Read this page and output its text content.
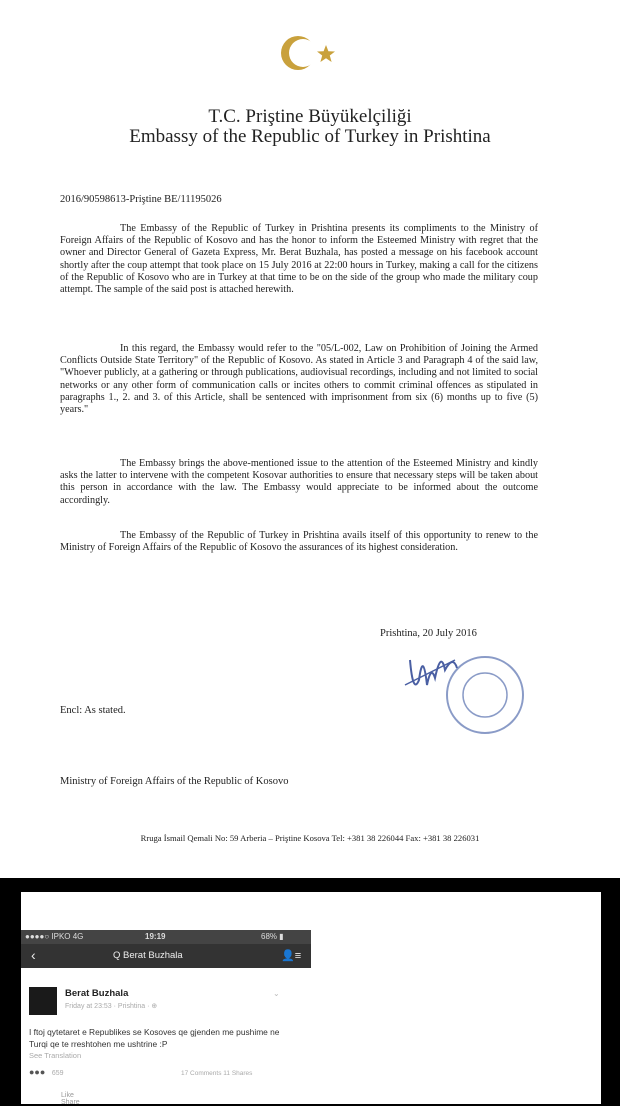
T.C. Priştine Büyükelçiliği
Embassy of the Republic of Turkey in Prishtina
2016/90598613-Priştine BE/11195026

The Embassy of the Republic of Turkey in Prishtina presents its compliments to the Ministry of Foreign Affairs of the Republic of Kosovo and has the honor to inform the Esteemed Ministry with regret that the owner and Director General of Gazeta Express, Mr. Berat Buzhala, has posted a message on his facebook account shortly after the coup attempt that took place on 15 July 2016 at 22:00 hours in Turkey, making a call for the citizens of the Republic of Kosovo who are in Turkey at that time to be on the side of the group who made the military coup attempt. The sample of the said post is attached herewith.

In this regard, the Embassy would refer to the "05/L-002, Law on Prohibition of Joining the Armed Conflicts Outside State Territory" of the Republic of Kosovo. As stated in Article 3 and Paragraph 4 of the said law, "Whoever publicly, at a gathering or through publications, audiovisual recordings, including and not limited to social networks or any other form of communication calls or incites others to commit criminal offences as stipulated in paragraphs 1., 2. and 3. of this Article, shall be sentenced with imprisonment from six (6) months up to five (5) years."

The Embassy brings the above-mentioned issue to the attention of the Esteemed Ministry and kindly asks the latter to intervene with the competent Kosovar authorities to ensure that necessary steps will be taken about this person in accordance with the law. The Embassy would appreciate to be informed about the outcome accordingly.

The Embassy of the Republic of Turkey in Prishtina avails itself of this opportunity to renew to the Ministry of Foreign Affairs of the Republic of Kosovo the assurances of its highest consideration.

Prishtina, 20 July 2016
Encl: As stated.
Ministry of Foreign Affairs of the Republic of Kosovo
Rruga İsmail Qemali No: 59 Arberia – Priştine Kosova Tel: +381 38 226044 Fax: +381 38 226031
●●●●○ IPKO 4G	19:19	68% ▮
‹	Q Berat Buzhala	👤≡
Berat Buzhala
Friday at 23:53 · Prishtina · ⊕
⌄
I ftoj qytetaret e Republikes se Kosoves qe gjenden me pushime ne Turqi qe te rreshtohen me ushtrine :P
See Translation
●●● 659	17 Comments 11 Shares
Like Share
